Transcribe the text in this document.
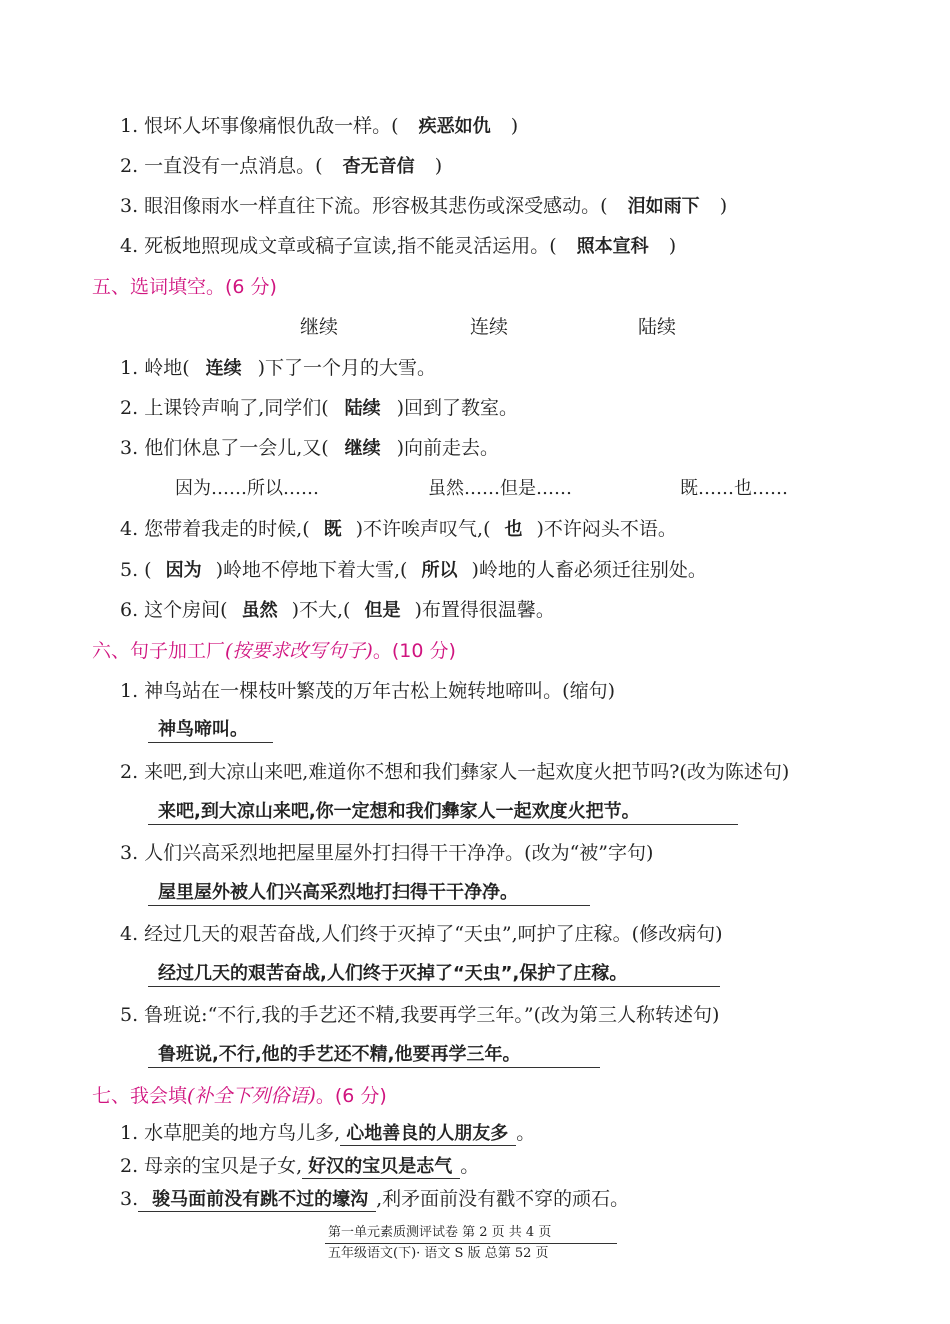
1. 恨坏人坏事像痛恨仇敌一样。( 疾恶如仇 )
2. 一直没有一点消息。( 杳无音信 )
3. 眼泪像雨水一样直往下流。形容极其悲伤或深受感动。( 泪如雨下 )
4. 死板地照现成文章或稿子宣读,指不能灵活运用。( 照本宣科 )
五、选词填空。(6 分)
继续	连续	陆续
1. 岭地( 连续 )下了一个月的大雪。
2. 上课铃声响了,同学们( 陆续 )回到了教室。
3. 他们休息了一会儿,又( 继续 )向前走去。
因为……所以……	虽然……但是……	既……也……
4. 您带着我走的时候,( 既 )不许唉声叹气,( 也 )不许闷头不语。
5. ( 因为 )岭地不停地下着大雪,( 所以 )岭地的人畜必须迁往别处。
6. 这个房间( 虽然 )不大,( 但是 )布置得很温馨。
六、句子加工厂(按要求改写句子)。(10 分)
1. 神鸟站在一棵枝叶繁茂的万年古松上婉转地啼叫。(缩句)
神鸟啼叫。
2. 来吧,到大凉山来吧,难道你不想和我们彝家人一起欢度火把节吗?(改为陈述句)
来吧,到大凉山来吧,你一定想和我们彝家人一起欢度火把节。
3. 人们兴高采烈地把屋里屋外打扫得干干净净。(改为“被”字句)
屋里屋外被人们兴高采烈地打扫得干干净净。
4. 经过几天的艰苦奋战,人们终于灭掉了“天虫”,呵护了庄稼。(修改病句)
经过几天的艰苦奋战,人们终于灭掉了“天虫”,保护了庄稼。
5. 鲁班说:“不行,我的手艺还不精,我要再学三年。”(改为第三人称转述句)
鲁班说,不行,他的手艺还不精,他要再学三年。
七、我会填(补全下列俗语)。(6 分)
1. 水草肥美的地方鸟儿多, 心地善良的人朋友多 。
2. 母亲的宝贝是子女, 好汉的宝贝是志气 。
3. 骏马面前没有跳不过的壕沟 ,利矛面前没有戳不穿的顽石。
第一单元素质测评试卷 第 2 页 共 4 页
五年级语文(下)· 语文 S 版 总第 52 页
